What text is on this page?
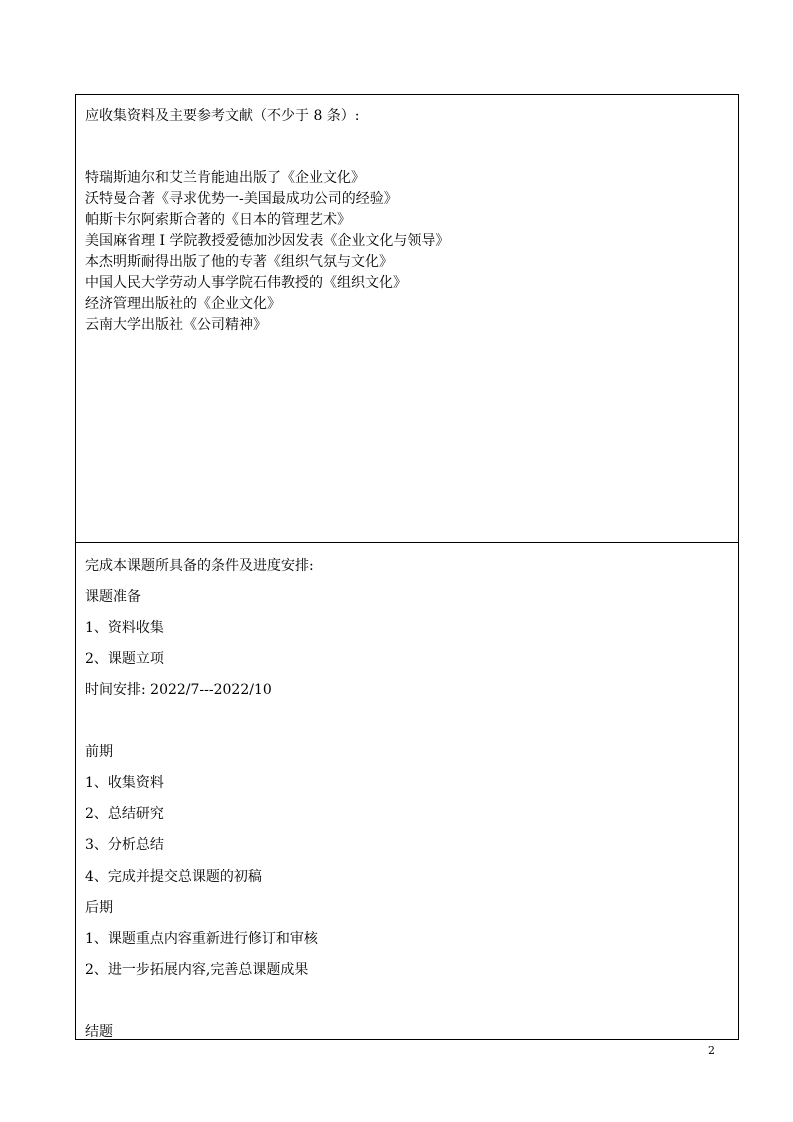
应收集资料及主要参考文献（不少于 8 条）:
特瑞斯迪尔和艾兰肯能迪出版了《企业文化》
沃特曼合著《寻求优势一-美国最成功公司的经验》
帕斯卡尔阿索斯合著的《日本的管理艺术》
美国麻省理 I 学院教授爱德加沙因发表《企业文化与领导》
本杰明斯耐得出版了他的专著《组织气氛与文化》
中国人民大学劳动人事学院石伟教授的《组织文化》
经济管理出版社的《企业文化》
云南大学出版社《公司精神》
完成本课题所具备的条件及进度安排:
课题准备
1、资料收集
2、课题立项
时间安排: 2022/7---2022/10
前期
1、收集资料
2、总结研究
3、分析总结
4、完成并提交总课题的初稿
后期
1、课题重点内容重新进行修订和审核
2、进一步拓展内容,完善总课题成果
结题
2
